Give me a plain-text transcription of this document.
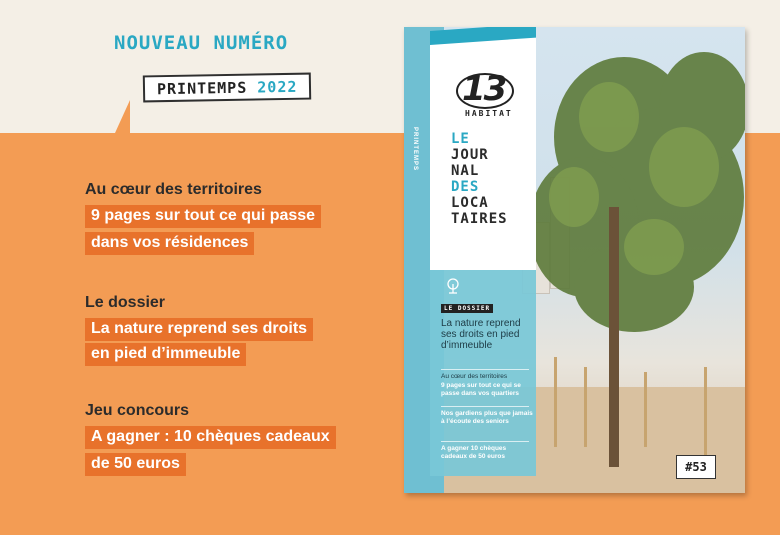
NOUVEAU NUMÉRO
PRINTEMPS 2022
Au cœur des territoires
9 pages sur tout ce qui passe
dans vos résidences
Le dossier
La nature reprend ses droits
en pied d’immeuble
Jeu concours
A gagner : 10 chèques cadeaux
de 50 euros
PRINTEMPS
13
HABITAT
LE
JOUR
NAL
DES
LOCA
TAIRES
LE DOSSIER
La nature reprend ses droits en pied d’immeuble
Au cœur des territoires
9 pages sur tout ce qui se passe dans vos quartiers
Nos gardiens plus que jamais à l’écoute des seniors
A gagner 10 chèques cadeaux de 50 euros
#53
